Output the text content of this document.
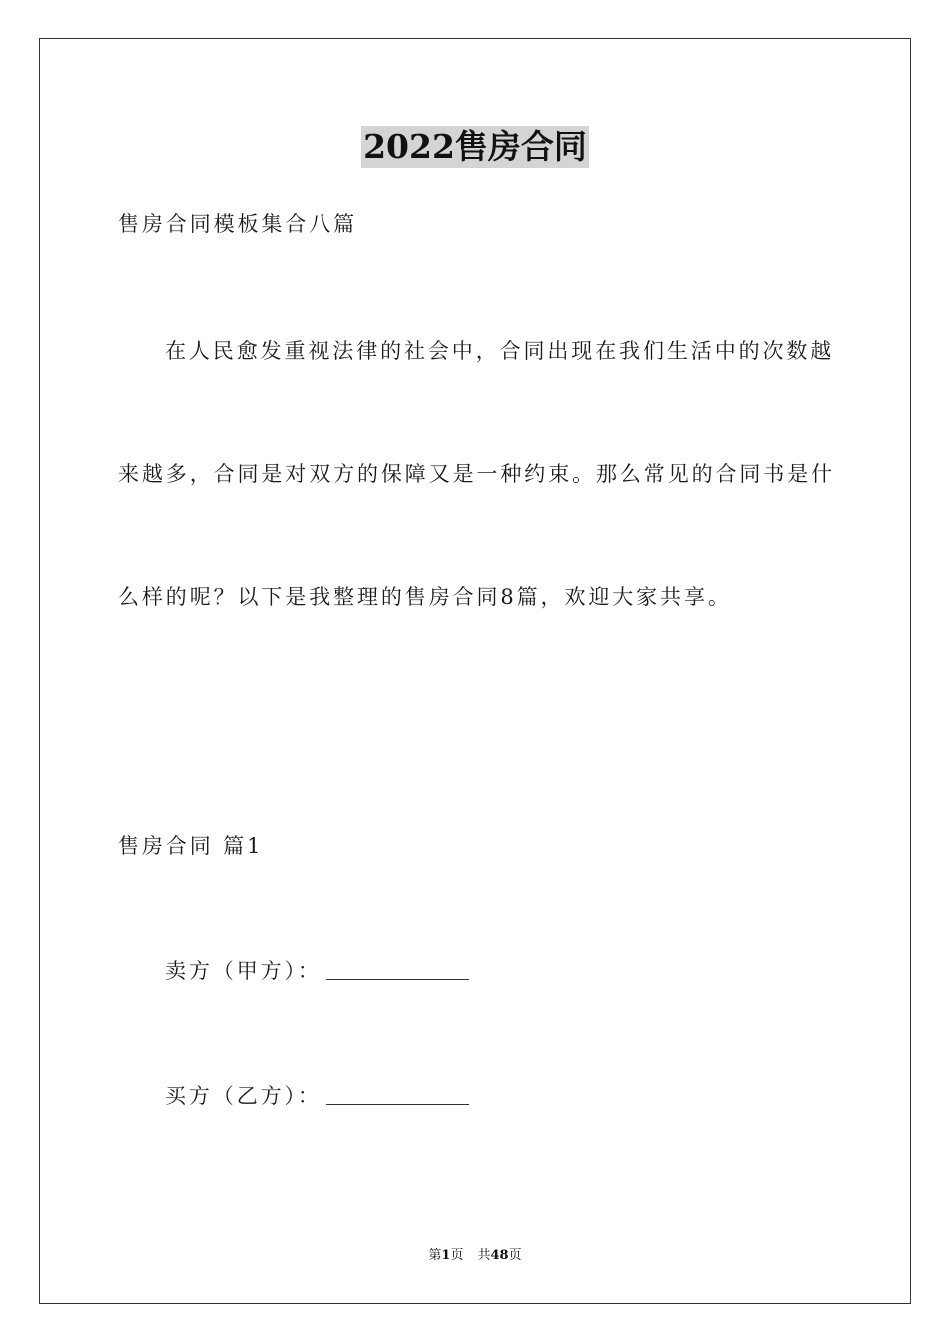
2022售房合同
售房合同模板集合八篇
在人民愈发重视法律的社会中，合同出现在我们生活中的次数越
来越多，合同是对双方的保障又是一种约束。那么常见的合同书是什
么样的呢？以下是我整理的售房合同8篇，欢迎大家共享。
售房合同 篇1
卖方（甲方）：
买方（乙方）：
第1页 共48页
